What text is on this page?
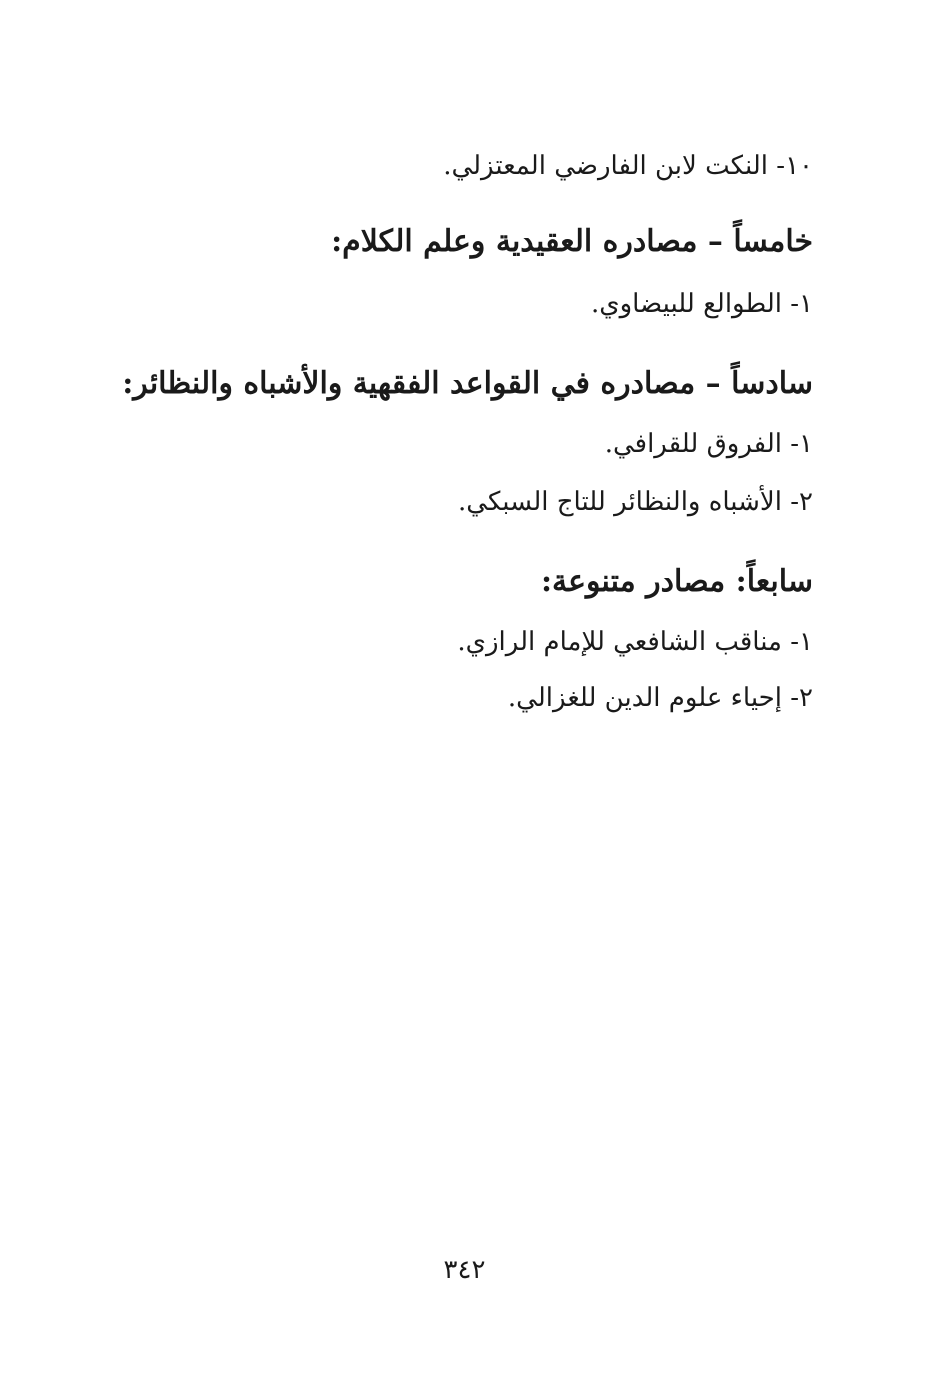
١٠- النكت لابن الفارضي المعتزلي.
خامساً – مصادره العقيدية وعلم الكلام:
١- الطوالع للبيضاوي.
سادساً – مصادره في القواعد الفقهية والأشباه والنظائر:
١- الفروق للقرافي.
٢- الأشباه والنظائر للتاج السبكي.
سابعاً: مصادر متنوعة:
١- مناقب الشافعي للإمام الرازي.
٢- إحياء علوم الدين للغزالي.
٣٤٢
